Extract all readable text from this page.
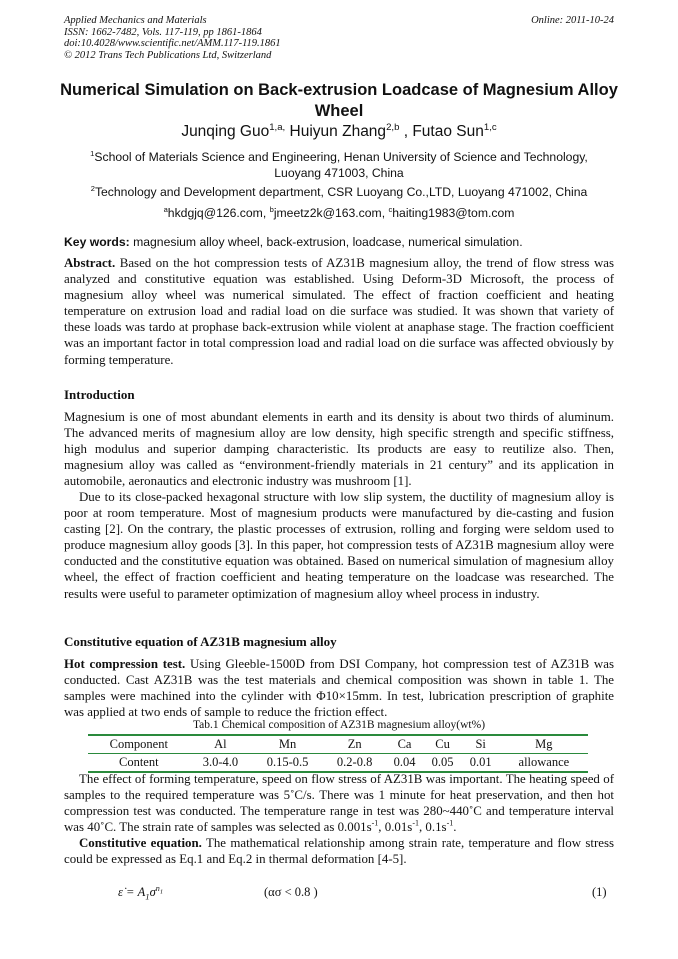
Applied Mechanics and Materials
ISSN: 1662-7482, Vols. 117-119, pp 1861-1864
doi:10.4028/www.scientific.net/AMM.117-119.1861
© 2012 Trans Tech Publications Ltd, Switzerland
Online: 2011-10-24
Numerical Simulation on Back-extrusion Loadcase of Magnesium Alloy Wheel
Junqing Guo$^{1,a,}$ Huiyun Zhang$^{2,b}$ , Futao Sun$^{1,c}$
$^1$School of Materials Science and Engineering, Henan University of Science and Technology, Luoyang 471003, China
$^2$Technology and Development department, CSR Luoyang Co.,LTD, Luoyang 471002, China
$^a$hkdgjq@126.com, $^b$jmeetz2k@163.com, $^c$haiting1983@tom.com
Key words: magnesium alloy wheel, back-extrusion, loadcase, numerical simulation.
Abstract. Based on the hot compression tests of AZ31B magnesium alloy, the trend of flow stress was analyzed and constitutive equation was established. Using Deform-3D Microsoft, the process of magnesium alloy wheel was numerical simulated. The effect of fraction coefficient and heating temperature on extrusion load and radial load on die surface was studied. It was shown that variety of these loads was tardo at prophase back-extrusion while violent at anaphase stage. The fraction coefficient was an important factor in total compression load and radial load on die surface was affected obviously by forming temperature.
Introduction
Magnesium is one of most abundant elements in earth and its density is about two thirds of aluminum. The advanced merits of magnesium alloy are low density, high specific strength and specific stiffness, high modulus and superior damping characteristic. Its products are easy to reutilize also. Then, magnesium alloy was called as “environment-friendly materials in 21 century” and its application in automobile, aeronautics and electronic industry was mushroom [1].
Due to its close-packed hexagonal structure with low slip system, the ductility of magnesium alloy is poor at room temperature. Most of magnesium products were manufactured by die-casting and fusion casting [2]. On the contrary, the plastic processes of extrusion, rolling and forging were seldom used to produce magnesium alloy goods [3]. In this paper, hot compression tests of AZ31B magnesium alloy were conducted and the constitutive equation was obtained. Based on numerical simulation of magnesium alloy wheel, the effect of fraction coefficient and heating temperature on the loadcase was researched. The results were useful to parameter optimization of magnesium alloy wheel process in industry.
Constitutive equation of AZ31B magnesium alloy
Hot compression test. Using Gleeble-1500D from DSI Company, hot compression test of AZ31B was conducted. Cast AZ31B was the test materials and chemical composition was shown in table 1. The samples were machined into the cylinder with Φ10×15mm. In test, lubrication prescription of graphite was applied at two ends of sample to reduce the friction effect.
Tab.1 Chemical composition of AZ31B magnesium alloy(wt%)
Component	Al	Mn	Zn	Ca	Cu	Si	Mg
Content	3.0-4.0	0.15-0.5	0.2-0.8	0.04	0.05	0.01	allowance
The effect of forming temperature, speed on flow stress of AZ31B was important. The heating speed of samples to the required temperature was 5˚C/s. There was 1 minute for heat preservation, and then hot compression test was conducted. The temperature range in test was 280~440˚C and temperature interval was 40˚C. The strain rate of samples was selected as $0.001s^{-1}$, $0.01s^{-1}$, $0.1s^{-1}$.
Constitutive equation. The mathematical relationship among strain rate, temperature and flow stress could be expressed as Eq.1 and Eq.2 in thermal deformation [4-5].
ε̇ = $A_1\sigma^{n_1}$	(ασ < 0.8 )	(1)
